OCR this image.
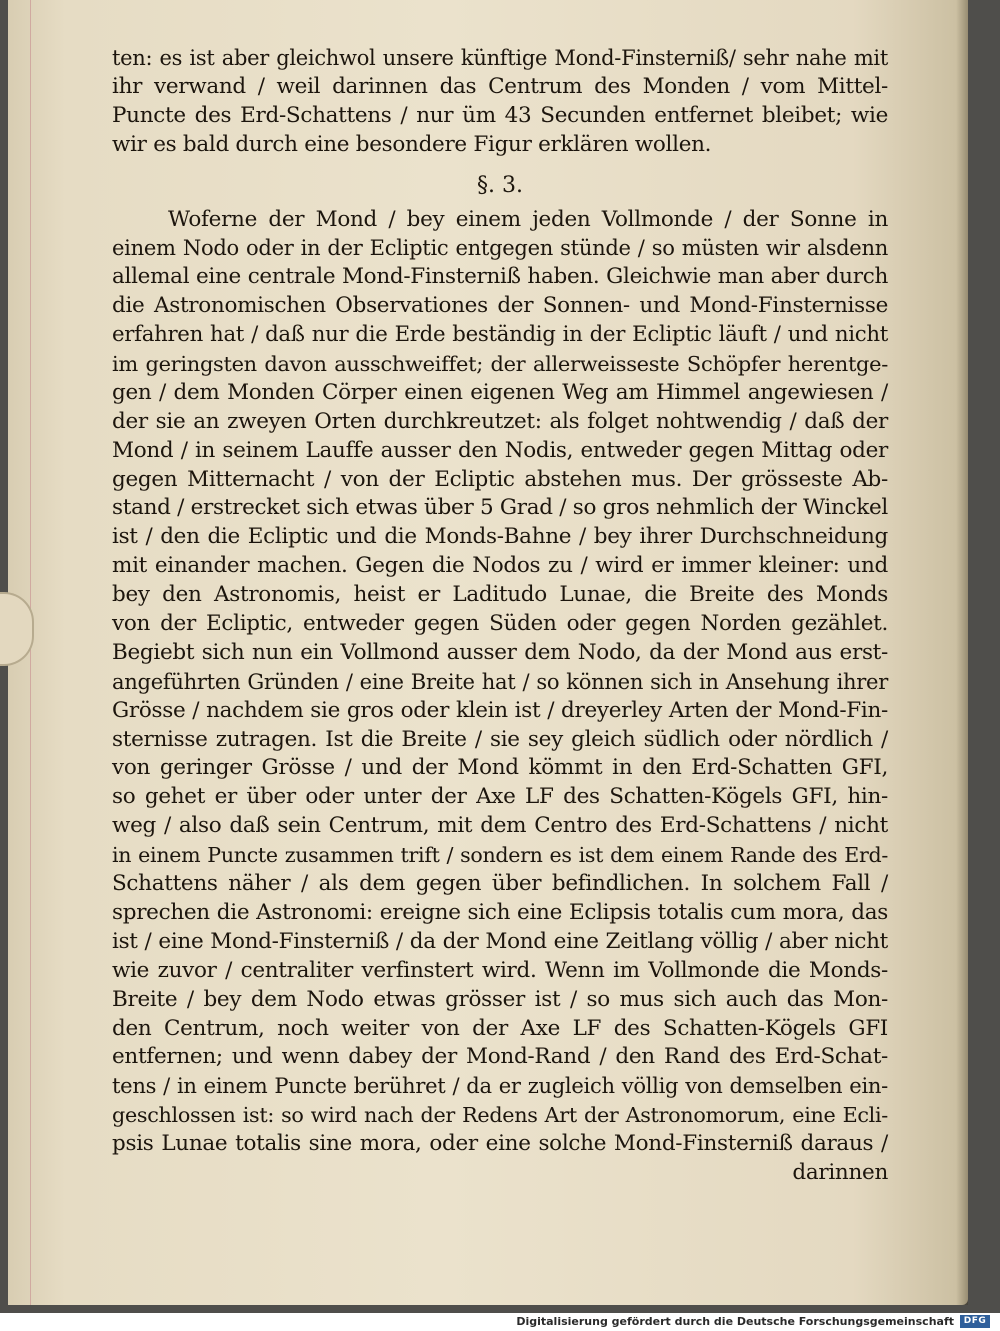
ten: es ist aber gleichwol unsere künftige Mond-Finsterniß/ sehr nahe mit
ihr verwand / weil darinnen das Centrum des Monden / vom Mittel-
Puncte des Erd-Schattens / nur üm 43 Secunden entfernet bleibet; wie
wir es bald durch eine besondere Figur erklären wollen.
§. 3.
Woferne der Mond / bey einem jeden Vollmonde / der Sonne in
einem Nodo oder in der Ecliptic entgegen stünde / so müsten wir alsdenn
allemal eine centrale Mond-Finsterniß haben. Gleichwie man aber durch
die Astronomischen Observationes der Sonnen- und Mond-Finsternisse
erfahren hat / daß nur die Erde beständig in der Ecliptic läuft / und nicht
im geringsten davon ausschweiffet; der allerweisseste Schöpfer herentge-
gen / dem Monden Cörper einen eigenen Weg am Himmel angewiesen /
der sie an zweyen Orten durchkreutzet: als folget nohtwendig / daß der
Mond / in seinem Lauffe ausser den Nodis, entweder gegen Mittag oder
gegen Mitternacht / von der Ecliptic abstehen mus. Der grösseste Ab-
stand / erstrecket sich etwas über 5 Grad / so gros nehmlich der Winckel
ist / den die Ecliptic und die Monds-Bahne / bey ihrer Durchschneidung
mit einander machen. Gegen die Nodos zu / wird er immer kleiner: und
bey den Astronomis, heist er Laditudo Lunae, die Breite des Monds
von der Ecliptic, entweder gegen Süden oder gegen Norden gezählet.
Begiebt sich nun ein Vollmond ausser dem Nodo, da der Mond aus erst-
angeführten Gründen / eine Breite hat / so können sich in Ansehung ihrer
Grösse / nachdem sie gros oder klein ist / dreyerley Arten der Mond-Fin-
sternisse zutragen. Ist die Breite / sie sey gleich südlich oder nördlich /
von geringer Grösse / und der Mond kömmt in den Erd-Schatten GFI,
so gehet er über oder unter der Axe LF des Schatten-Kögels GFI, hin-
weg / also daß sein Centrum, mit dem Centro des Erd-Schattens / nicht
in einem Puncte zusammen trift / sondern es ist dem einem Rande des Erd-
Schattens näher / als dem gegen über befindlichen. In solchem Fall /
sprechen die Astronomi: ereigne sich eine Eclipsis totalis cum mora, das
ist / eine Mond-Finsterniß / da der Mond eine Zeitlang völlig / aber nicht
wie zuvor / centraliter verfinstert wird. Wenn im Vollmonde die Monds-
Breite / bey dem Nodo etwas grösser ist / so mus sich auch das Mon-
den Centrum, noch weiter von der Axe LF des Schatten-Kögels GFI
entfernen; und wenn dabey der Mond-Rand / den Rand des Erd-Schat-
tens / in einem Puncte berühret / da er zugleich völlig von demselben ein-
geschlossen ist: so wird nach der Redens Art der Astronomorum, eine Ecli-
psis Lunae totalis sine mora, oder eine solche Mond-Finsterniß daraus /
darinnen
Digitalisierung gefördert durch die Deutsche Forschungsgemeinschaft	DFG
